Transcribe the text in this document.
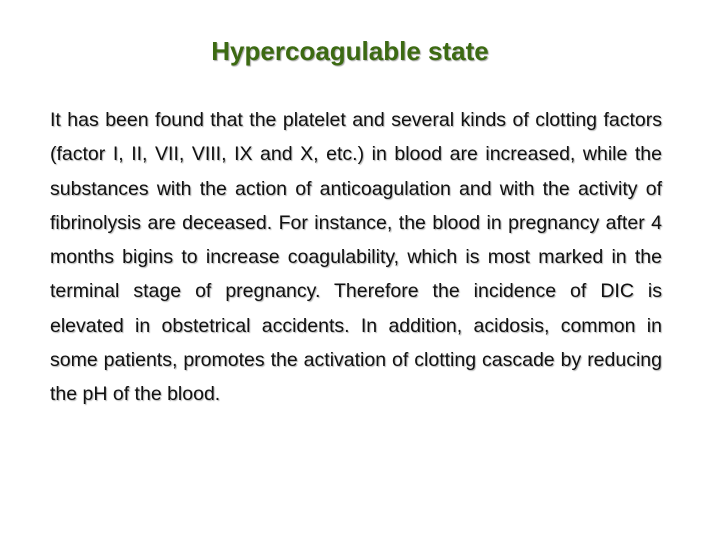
Hypercoagulable state

It has been found that the platelet and several kinds of clotting factors (factor I, II, VII, VIII, IX and X, etc.) in blood are increased, while the substances with the action of anticoagulation and with the activity of fibrinolysis are deceased. For instance, the blood in pregnancy after 4 months bigins to increase coagulability, which is most marked in the terminal stage of pregnancy. Therefore the incidence of DIC is elevated in obstetrical accidents. In addition, acidosis, common in some patients, promotes the activation of clotting cascade by reducing the pH of the blood.
